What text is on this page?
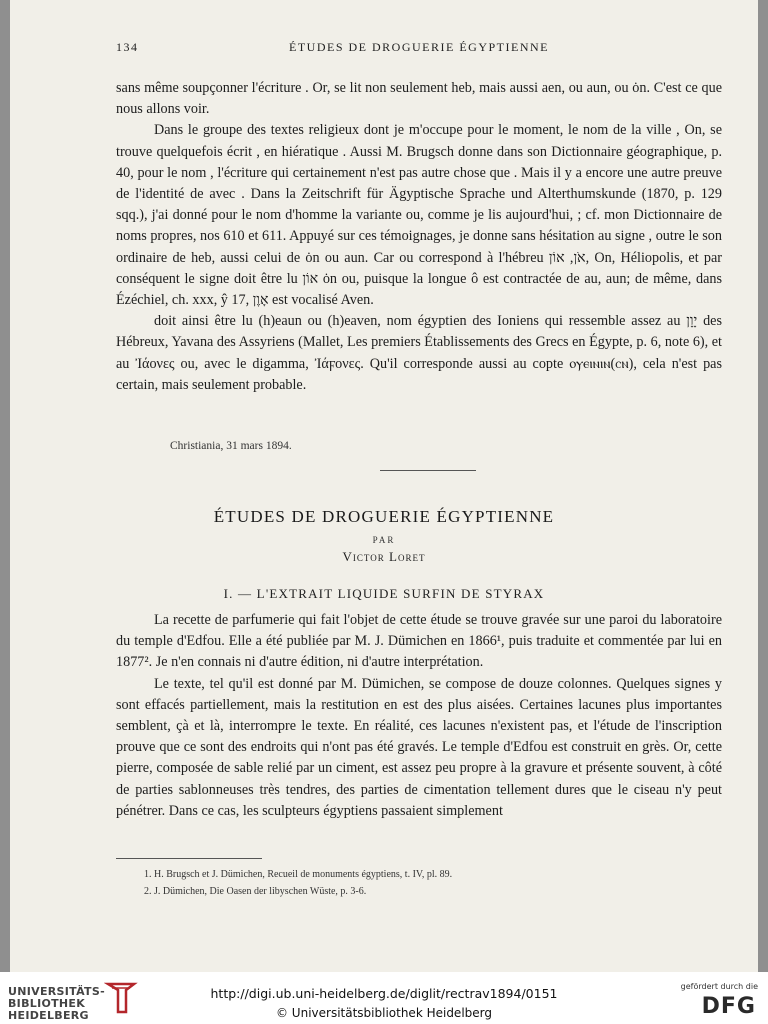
134	ÉTUDES DE DROGUERIE ÉGYPTIENNE

sans même soupçonner l'écriture . Or, se lit non seulement heb, mais aussi aen, ou aun, ou ȯn. C'est ce que nous allons voir.

Dans le groupe des textes religieux dont je m'occupe pour le moment, le nom de la ville , On, se trouve quelquefois écrit , en hiératique . Aussi M. Brugsch donne dans son Dictionnaire géographique, p. 40, pour le nom , l'écriture qui certainement n'est pas autre chose que . Mais il y a encore une autre preuve de l'identité de avec . Dans la Zeitschrift für Ägyptische Sprache und Alterthumskunde (1870, p. 129 sqq.), j'ai donné pour le nom d'homme la variante ou, comme je lis aujourd'hui, ; cf. mon Dictionnaire de noms propres, nos 610 et 611. Appuyé sur ces témoignages, je donne sans hésitation au signe , outre le son ordinaire de heb, aussi celui de ȯn ou aun. Car ou correspond à l'hébreu אֹן, אוֹן, On, Héliopolis, et par conséquent le signe doit être lu אוֹן ȯn ou, puisque la longue ô est contractée de au, aun; de même, dans Ézéchiel, ch. xxx, ŷ 17, אָוֶן est vocalisé Aven.

doit ainsi être lu (h)eaun ou (h)eaven, nom égyptien des Ioniens qui ressemble assez au יָוָן des Hébreux, Yavana des Assyriens (Mallet, Les premiers Établissements des Grecs en Égypte, p. 6, note 6), et au Ἰάονες ou, avec le digamma, Ἰάϝονες. Qu'il corresponde aussi au copte ⲟⲩⲉⲓⲛⲓⲛ(ⲥⲛ), cela n'est pas certain, mais seulement probable.

Christiania, 31 mars 1894.
ÉTUDES DE DROGUERIE ÉGYPTIENNE
PAR
Victor Loret
I. — L'EXTRAIT LIQUIDE SURFIN DE STYRAX

La recette de parfumerie qui fait l'objet de cette étude se trouve gravée sur une paroi du laboratoire du temple d'Edfou. Elle a été publiée par M. J. Dümichen en 1866¹, puis traduite et commentée par lui en 1877². Je n'en connais ni d'autre édition, ni d'autre interprétation.

Le texte, tel qu'il est donné par M. Dümichen, se compose de douze colonnes. Quelques signes y sont effacés partiellement, mais la restitution en est des plus aisées. Certaines lacunes plus importantes semblent, çà et là, interrompre le texte. En réalité, ces lacunes n'existent pas, et l'étude de l'inscription prouve que ce sont des endroits qui n'ont pas été gravés. Le temple d'Edfou est construit en grès. Or, cette pierre, composée de sable relié par un ciment, est assez peu propre à la gravure et présente souvent, à côté de parties sablonneuses très tendres, des parties de cimentation tellement dures que le ciseau n'y peut pénétrer. Dans ce cas, les sculpteurs égyptiens passaient simplement

1. H. Brugsch et J. Dümichen, Recueil de monuments égyptiens, t. IV, pl. 89.

2. J. Dümichen, Die Oasen der libyschen Wüste, p. 3-6.

UNIVERSITÄTS-
BIBLIOTHEK
HEIDELBERG
http://digi.ub.uni-heidelberg.de/diglit/rectrav1894/0151
© Universitätsbibliothek Heidelberg
gefördert durch die
DFG
